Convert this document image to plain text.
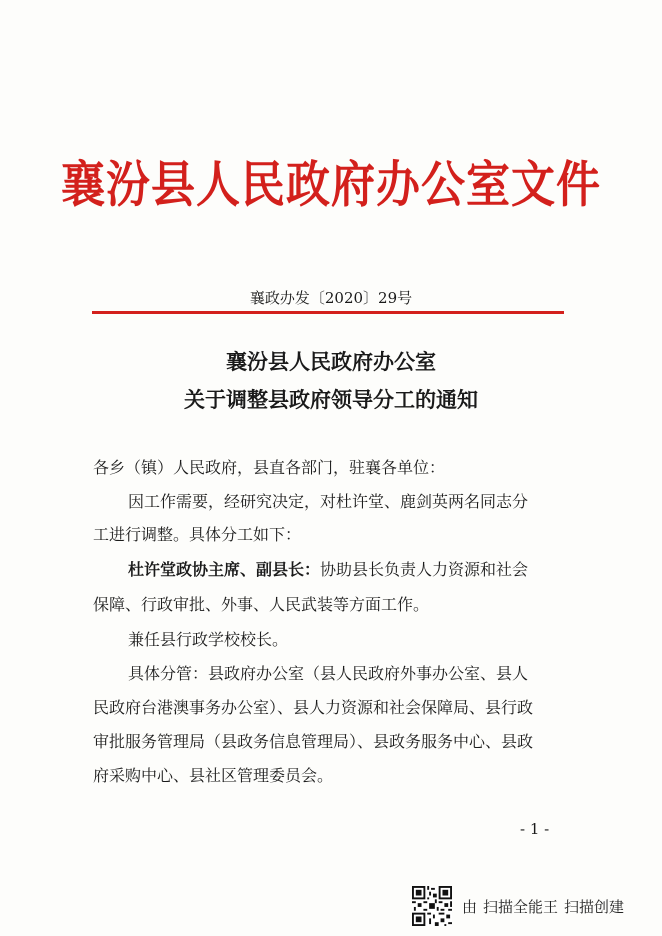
襄汾县人民政府办公室文件
襄政办发〔2020〕29号
襄汾县人民政府办公室
关于调整县政府领导分工的通知
各乡（镇）人民政府，县直各部门，驻襄各单位：
因工作需要，经研究决定，对杜许堂、鹿剑英两名同志分
工进行调整。具体分工如下：
杜许堂政协主席、副县长：协助县长负责人力资源和社会
保障、行政审批、外事、人民武装等方面工作。
兼任县行政学校校长。
具体分管：县政府办公室（县人民政府外事办公室、县人
民政府台港澳事务办公室）、县人力资源和社会保障局、县行政
审批服务管理局（县政务信息管理局）、县政务服务中心、县政
府采购中心、县社区管理委员会。
- 1 -
由 扫描全能王 扫描创建
